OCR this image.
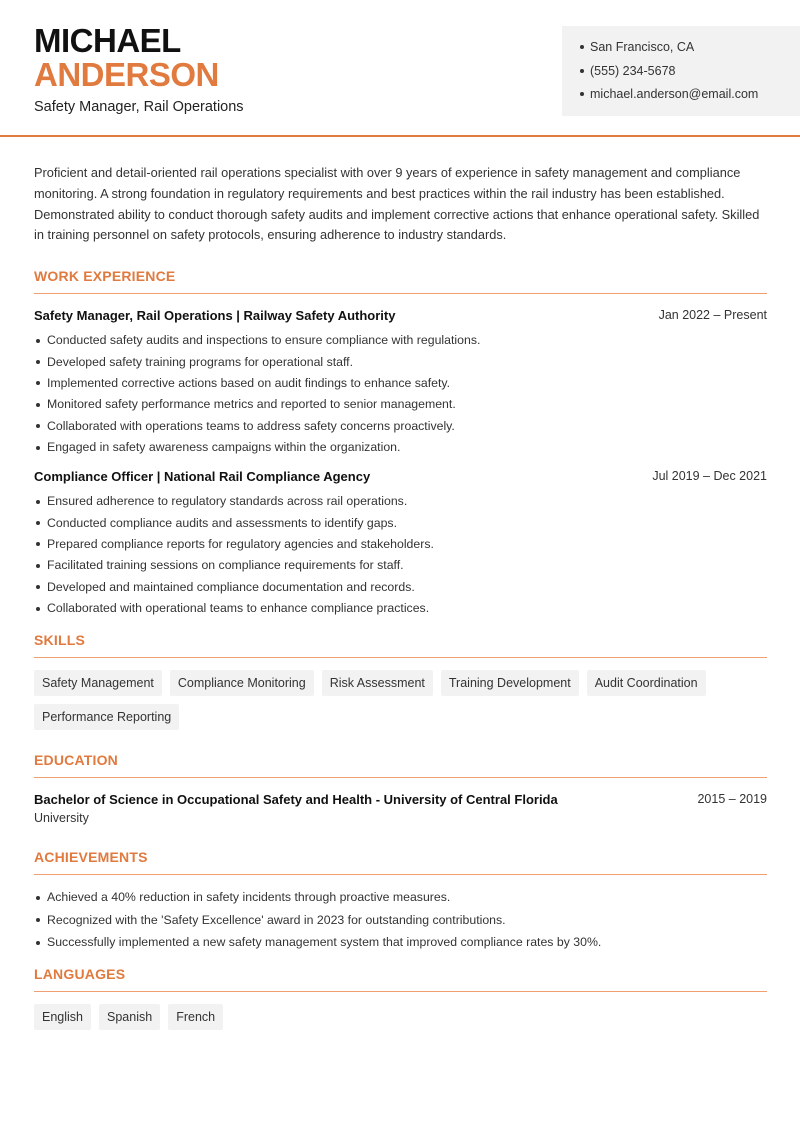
MICHAEL
ANDERSON
Safety Manager, Rail Operations
San Francisco, CA
(555) 234-5678
michael.anderson@email.com

Proficient and detail-oriented rail operations specialist with over 9 years of experience in safety management and compliance monitoring. A strong foundation in regulatory requirements and best practices within the rail industry has been established. Demonstrated ability to conduct thorough safety audits and implement corrective actions that enhance operational safety. Skilled in training personnel on safety protocols, ensuring adherence to industry standards.

WORK EXPERIENCE
Safety Manager, Rail Operations | Railway Safety Authority	Jan 2022 – Present
Conducted safety audits and inspections to ensure compliance with regulations.
Developed safety training programs for operational staff.
Implemented corrective actions based on audit findings to enhance safety.
Monitored safety performance metrics and reported to senior management.
Collaborated with operations teams to address safety concerns proactively.
Engaged in safety awareness campaigns within the organization.
Compliance Officer | National Rail Compliance Agency	Jul 2019 – Dec 2021
Ensured adherence to regulatory standards across rail operations.
Conducted compliance audits and assessments to identify gaps.
Prepared compliance reports for regulatory agencies and stakeholders.
Facilitated training sessions on compliance requirements for staff.
Developed and maintained compliance documentation and records.
Collaborated with operational teams to enhance compliance practices.
SKILLS
Safety Management	Compliance Monitoring	Risk Assessment	Training Development	Audit Coordination
Performance Reporting
EDUCATION
Bachelor of Science in Occupational Safety and Health - University of Central Florida	2015 – 2019
University
ACHIEVEMENTS
Achieved a 40% reduction in safety incidents through proactive measures.
Recognized with the 'Safety Excellence' award in 2023 for outstanding contributions.
Successfully implemented a new safety management system that improved compliance rates by 30%.
LANGUAGES
English	Spanish	French
